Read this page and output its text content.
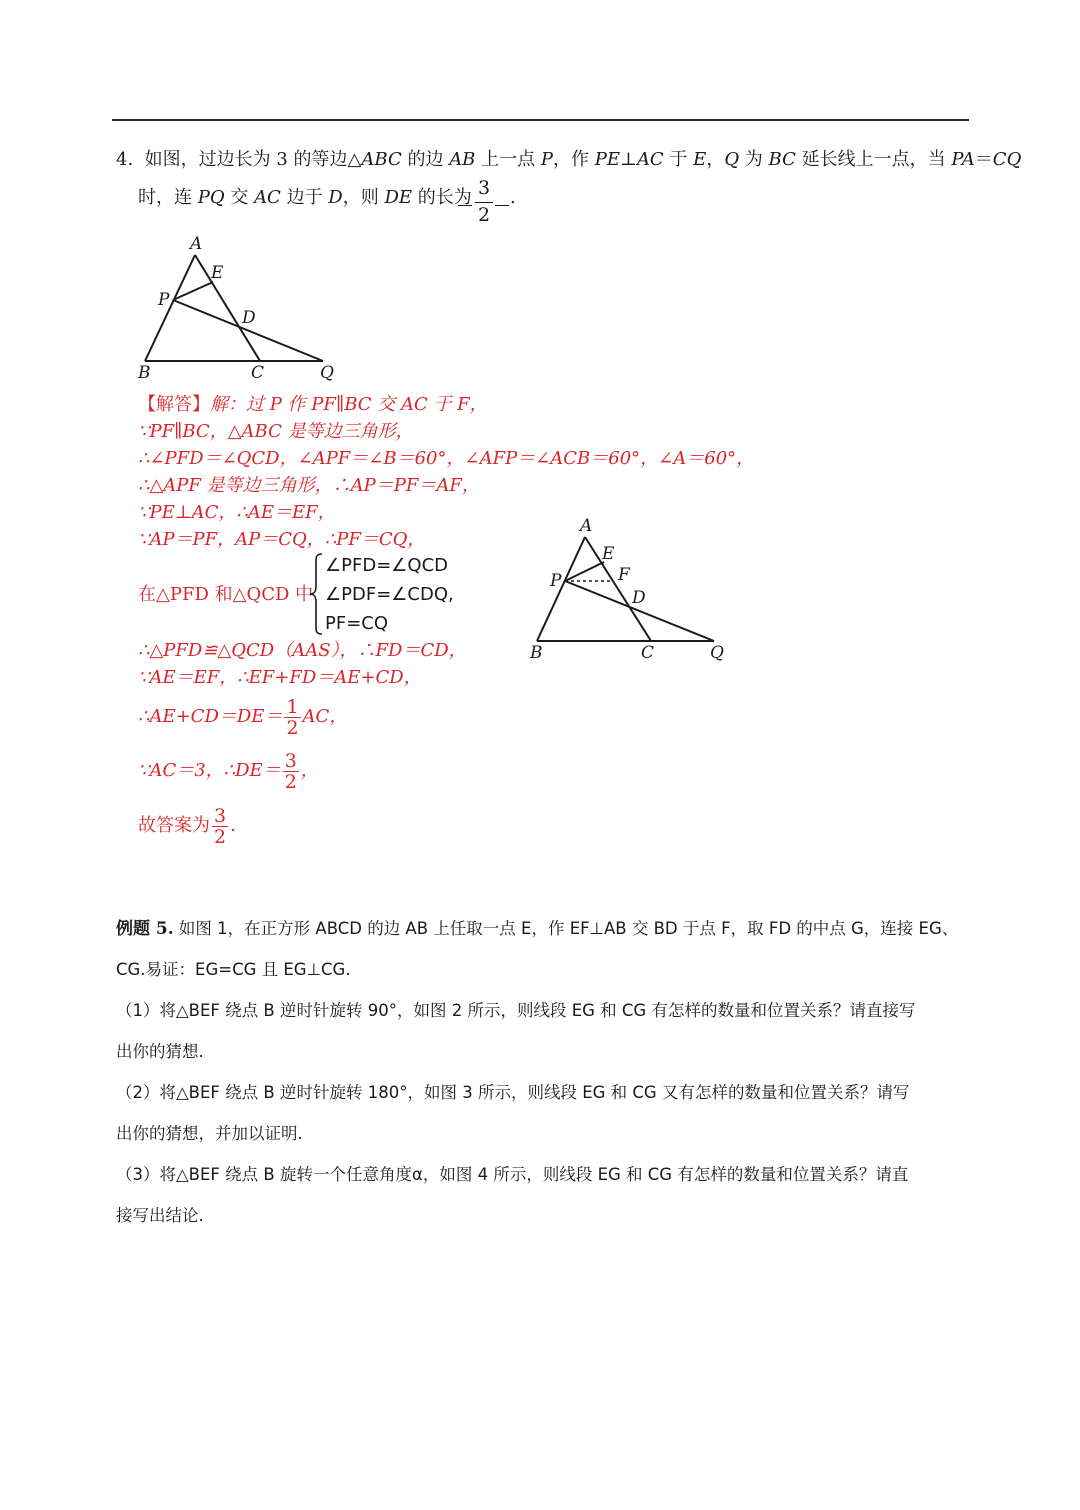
4. 如图，过边长为 3 的等边△ABC 的边 AB 上一点 P，作 PE⊥AC 于 E，Q 为 BC 延长线上一点，当 PA＝CQ
时，连 PQ 交 AC 边于 D，则 DE 的长为 3
2
.
A
E
P
D
B	C	Q
【解答】解：过 P 作 PF∥BC 交 AC 于 F，
∵PF∥BC，△ABC 是等边三角形，
∴∠PFD＝∠QCD，∠APF＝∠B＝60°，∠AFP＝∠ACB＝60°，∠A＝60°，
∴△APF 是等边三角形，∴AP＝PF＝AF，
∵PE⊥AC，∴AE＝EF，
∵AP＝PF，AP＝CQ，∴PF＝CQ，
在△PFD 和△QCD 中
∠PFD=∠QCD
∠PDF=∠CDQ,
PF=CQ
∴△PFD≌△QCD（AAS），∴FD＝CD，
∵AE＝EF，∴EF+FD＝AE+CD，
∴AE+CD＝DE＝ $\frac{1}{2}$ AC，
∵AC＝3，∴DE＝ $\frac{3}{2}$ ，
故答案为 $\frac{3}{2}$ .
A
E
F
P
D
B	C	Q
例题 5. 如图 1，在正方形 ABCD 的边 AB 上任取一点 E，作 EF⊥AB 交 BD 于点 F，取 FD 的中点 G，连接 EG、
CG.易证：EG=CG 且 EG⊥CG.
（1）将△BEF 绕点 B 逆时针旋转 90°，如图 2 所示，则线段 EG 和 CG 有怎样的数量和位置关系？请直接写
出你的猜想.
（2）将△BEF 绕点 B 逆时针旋转 180°，如图 3 所示，则线段 EG 和 CG 又有怎样的数量和位置关系？请写
出你的猜想，并加以证明.
（3）将△BEF 绕点 B 旋转一个任意角度α，如图 4 所示，则线段 EG 和 CG 有怎样的数量和位置关系？请直
接写出结论.
